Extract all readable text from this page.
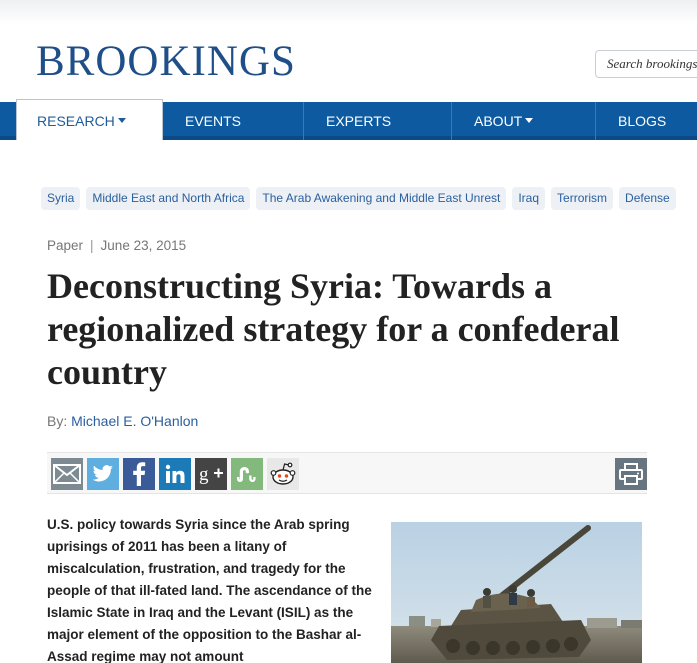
BROOKINGS	Search brookings
EVENTS	EXPERTS	ABOUT	BLOGS
RESEARCH
Syria Middle East and North Africa The Arab Awakening and Middle East Unrest Iraq Terrorism Defense
Paper | June 23, 2015
Deconstructing Syria: Towards a regionalized strategy for a confederal country
By: Michael E. O'Hanlon
g

U.S. policy towards Syria since the Arab spring uprisings of 2011 has been a litany of miscalculation, frustration, and tragedy for the people of that ill-fated land. The ascendance of the Islamic State in Iraq and the Levant (ISIL) as the major element of the opposition to the Bashar al-Assad regime may not amount
